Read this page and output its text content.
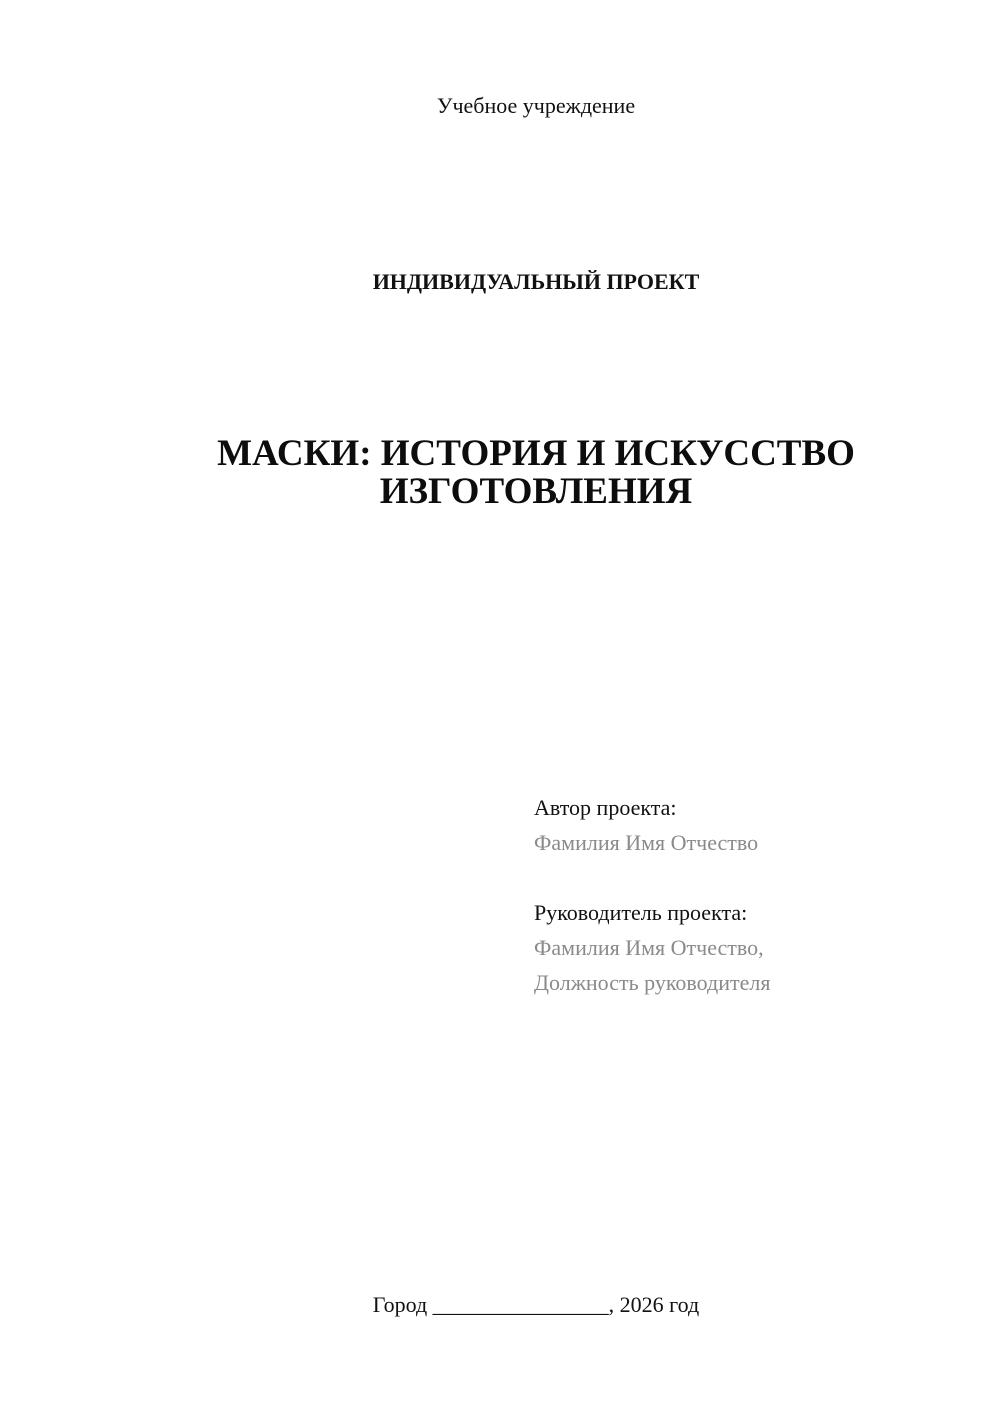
Учебное учреждение
ИНДИВИДУАЛЬНЫЙ ПРОЕКТ
МАСКИ: ИСТОРИЯ И ИСКУССТВО
ИЗГОТОВЛЕНИЯ
Автор проекта:
Фамилия Имя Отчество
Руководитель проекта:
Фамилия Имя Отчество,
Должность руководителя
Город ________________, 2026 год
